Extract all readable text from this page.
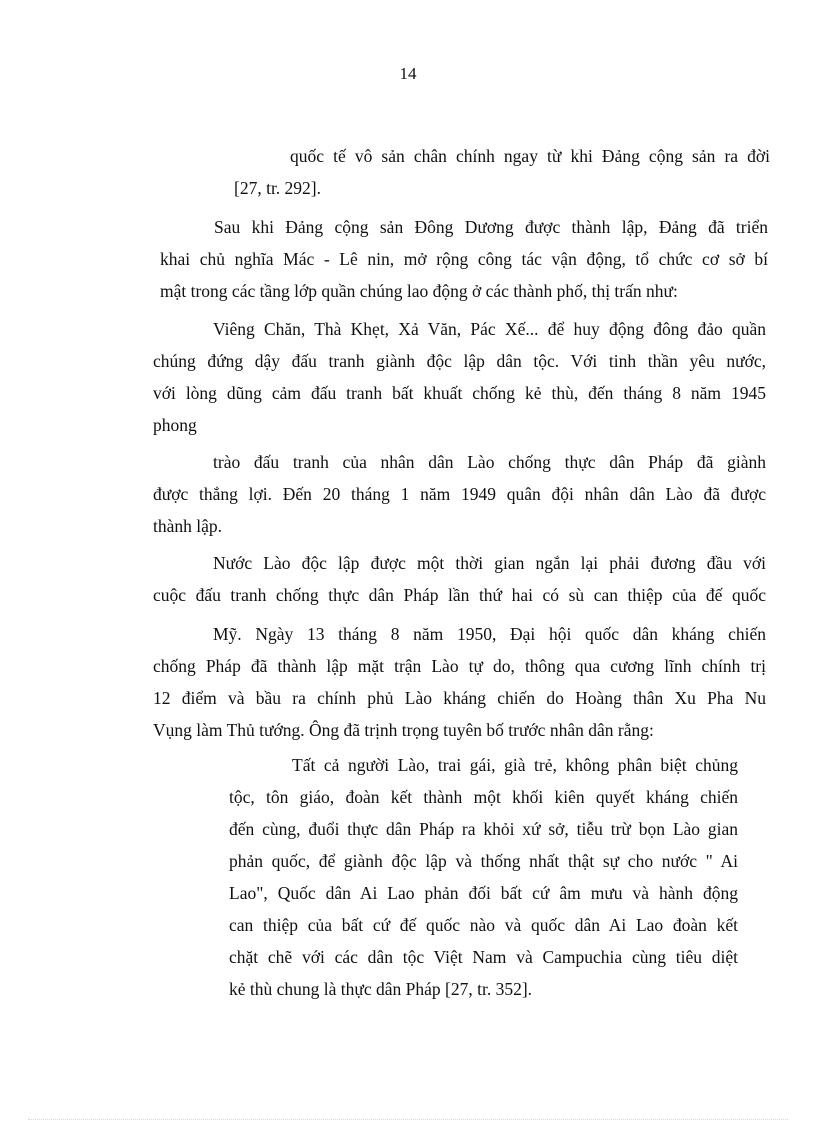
14
quốc tế vô sản chân chính ngay từ khi Đảng cộng sản ra đời
[27, tr. 292].
Sau khi Đảng cộng sản Đông Dương được thành lập, Đảng đã triển
khai chủ nghĩa Mác - Lê nin, mở rộng công tác vận động, tổ chức cơ sở bí
mật trong các tầng lớp quần chúng lao động ở các thành phố, thị trấn như:
Viêng Chăn, Thà Khẹt, Xả Văn, Pác Xế... để huy động đông đảo quần
chúng đứng dậy đấu tranh giành độc lập dân tộc. Với tinh thần yêu nước,
với lòng dũng cảm đấu tranh bất khuất chống kẻ thù, đến tháng 8 năm 1945
phong
trào đấu tranh của nhân dân Lào chống thực dân Pháp đã giành
được thắng lợi. Đến 20 tháng 1 năm 1949 quân đội nhân dân Lào đã được
thành lập.
Nước Lào độc lập được một thời gian ngắn lại phải đương đầu với
cuộc đấu tranh chống thực dân Pháp lần thứ hai có sù can thiệp của đế quốc
Mỹ. Ngày 13 tháng 8 năm 1950, Đại hội quốc dân kháng chiến
chống Pháp đã thành lập mặt trận Lào tự do, thông qua cương lĩnh chính trị
12 điểm và bầu ra chính phủ Lào kháng chiến do Hoàng thân Xu Pha Nu
Vụng làm Thủ tướng. Ông đã trịnh trọng tuyên bố trước nhân dân rằng:
Tất cả người Lào, trai gái, già trẻ, không phân biệt chủng
tộc, tôn giáo, đoàn kết thành một khối kiên quyết kháng chiến
đến cùng, đuổi thực dân Pháp ra khỏi xứ sở, tiễu trừ bọn Lào gian
phản quốc, để giành độc lập và thống nhất thật sự cho nước " Ai
Lao", Quốc dân Ai Lao phản đối bất cứ âm mưu và hành động
can thiệp của bất cứ đế quốc nào và quốc dân Ai Lao đoàn kết
chặt chẽ với các dân tộc Việt Nam và Campuchia cùng tiêu diệt
kẻ thù chung là thực dân Pháp [27, tr. 352].
